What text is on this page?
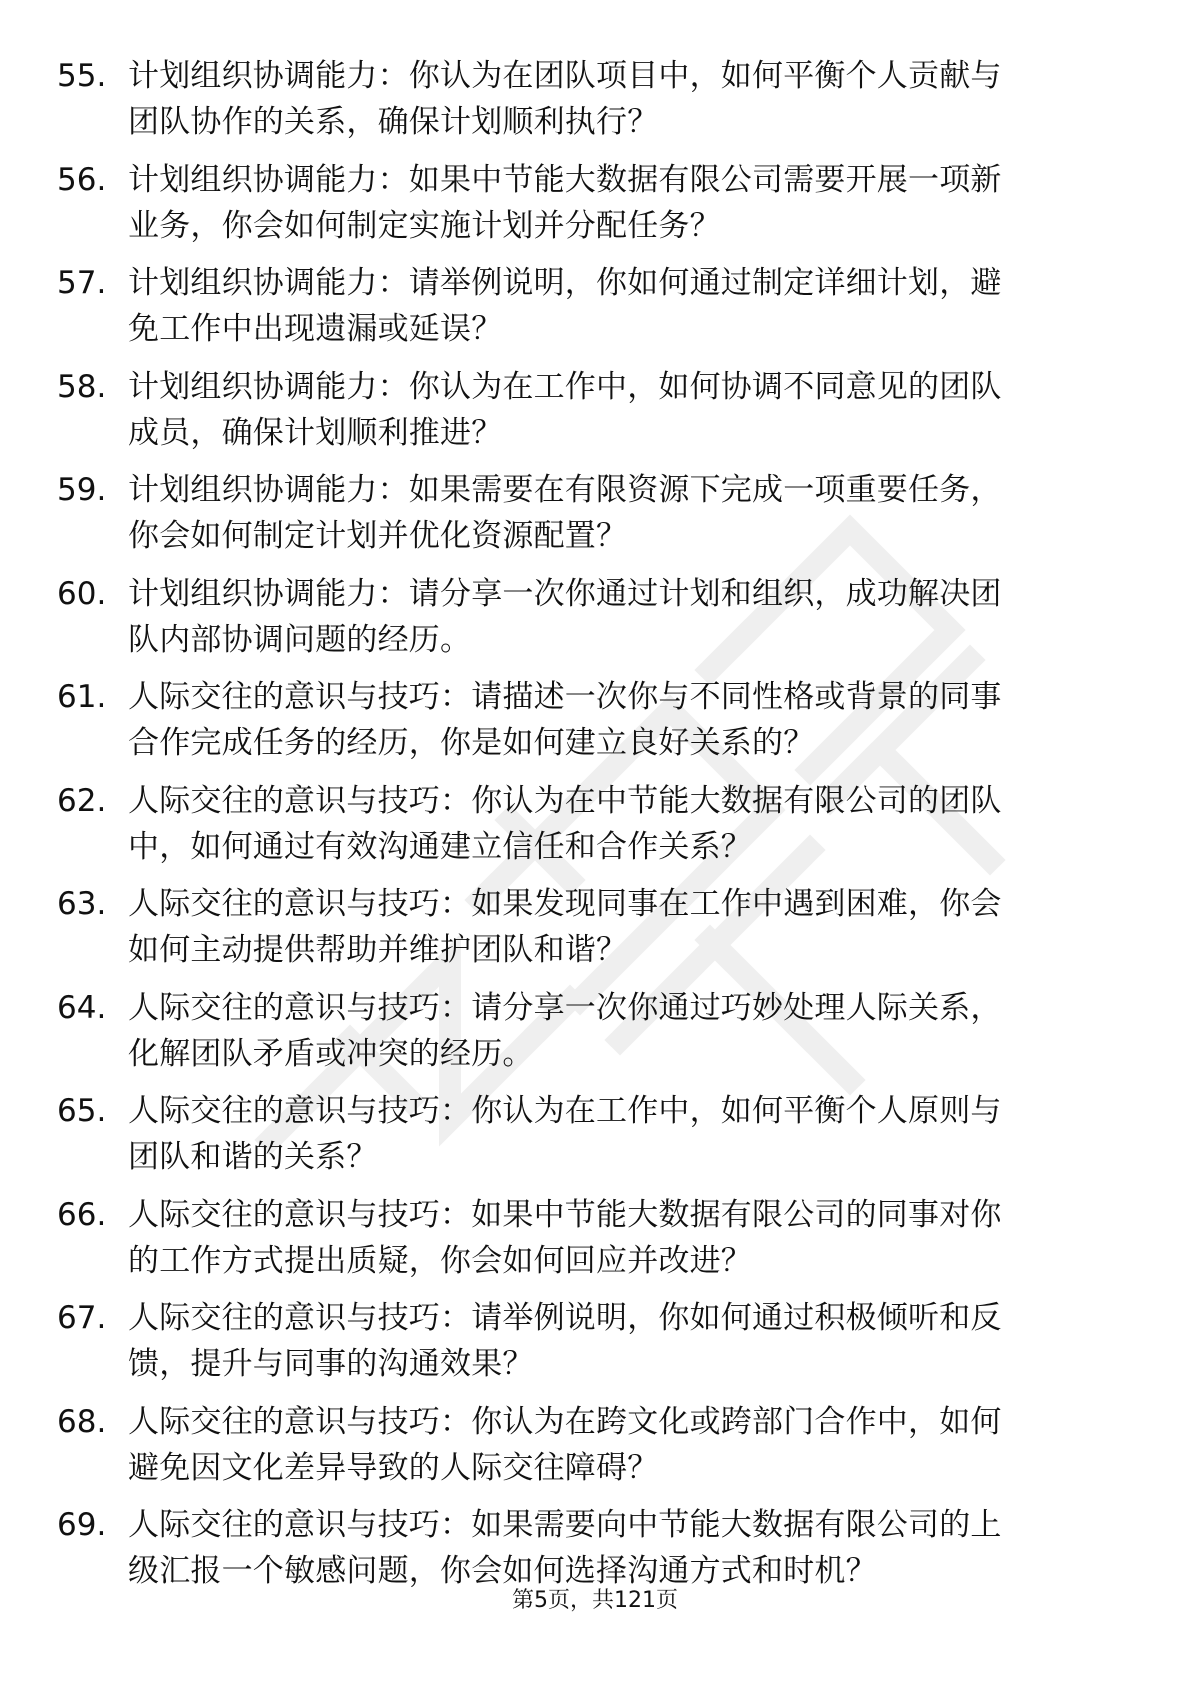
55. 计划组织协调能力：你认为在团队项目中，如何平衡个人贡献与
团队协作的关系，确保计划顺利执行？
56. 计划组织协调能力：如果中节能大数据有限公司需要开展一项新
业务，你会如何制定实施计划并分配任务？
57. 计划组织协调能力：请举例说明，你如何通过制定详细计划，避
免工作中出现遗漏或延误？
58. 计划组织协调能力：你认为在工作中，如何协调不同意见的团队
成员，确保计划顺利推进？
59. 计划组织协调能力：如果需要在有限资源下完成一项重要任务，
你会如何制定计划并优化资源配置？
60. 计划组织协调能力：请分享一次你通过计划和组织，成功解决团
队内部协调问题的经历。
61. 人际交往的意识与技巧：请描述一次你与不同性格或背景的同事
合作完成任务的经历，你是如何建立良好关系的？
62. 人际交往的意识与技巧：你认为在中节能大数据有限公司的团队
中，如何通过有效沟通建立信任和合作关系？
63. 人际交往的意识与技巧：如果发现同事在工作中遇到困难，你会
如何主动提供帮助并维护团队和谐？
64. 人际交往的意识与技巧：请分享一次你通过巧妙处理人际关系，
化解团队矛盾或冲突的经历。
65. 人际交往的意识与技巧：你认为在工作中，如何平衡个人原则与
团队和谐的关系？
66. 人际交往的意识与技巧：如果中节能大数据有限公司的同事对你
的工作方式提出质疑，你会如何回应并改进？
67. 人际交往的意识与技巧：请举例说明，你如何通过积极倾听和反
馈，提升与同事的沟通效果？
68. 人际交往的意识与技巧：你认为在跨文化或跨部门合作中，如何
避免因文化差异导致的人际交往障碍？
69. 人际交往的意识与技巧：如果需要向中节能大数据有限公司的上
级汇报一个敏感问题，你会如何选择沟通方式和时机？
第5页，共121页
